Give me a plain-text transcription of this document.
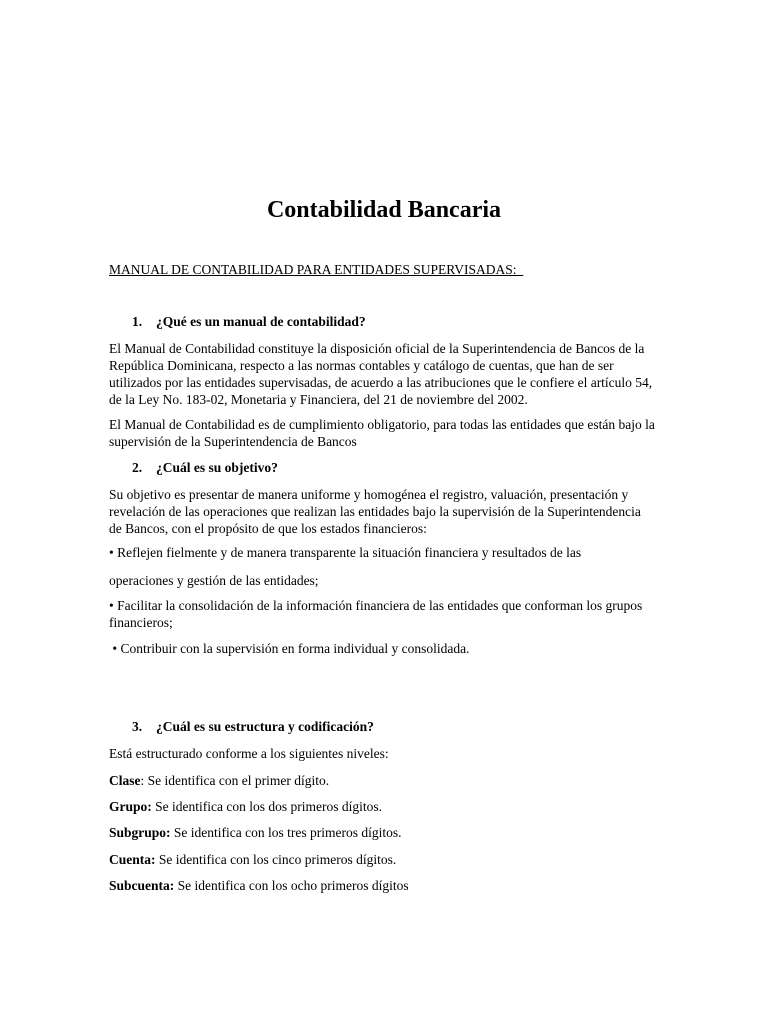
Contabilidad Bancaria

MANUAL DE CONTABILIDAD PARA ENTIDADES SUPERVISADAS:

1. ¿Qué es un manual de contabilidad?

El Manual de Contabilidad constituye la disposición oficial de la Superintendencia de Bancos de la República Dominicana, respecto a las normas contables y catálogo de cuentas, que han de ser utilizados por las entidades supervisadas, de acuerdo a las atribuciones que le confiere el artículo 54, de la Ley No. 183-02, Monetaria y Financiera, del 21 de noviembre del 2002.

El Manual de Contabilidad es de cumplimiento obligatorio, para todas las entidades que están bajo la supervisión de la Superintendencia de Bancos

2. ¿Cuál es su objetivo?

Su objetivo es presentar de manera uniforme y homogénea el registro, valuación, presentación y revelación de las operaciones que realizan las entidades bajo la supervisión de la Superintendencia de Bancos, con el propósito de que los estados financieros:

• Reflejen fielmente y de manera transparente la situación financiera y resultados de las

operaciones y gestión de las entidades;

• Facilitar la consolidación de la información financiera de las entidades que conforman los grupos financieros;

• Contribuir con la supervisión en forma individual y consolidada.

3. ¿Cuál es su estructura y codificación?

Está estructurado conforme a los siguientes niveles:

Clase: Se identifica con el primer dígito.

Grupo: Se identifica con los dos primeros dígitos.

Subgrupo: Se identifica con los tres primeros dígitos.

Cuenta: Se identifica con los cinco primeros dígitos.

Subcuenta: Se identifica con los ocho primeros dígitos
